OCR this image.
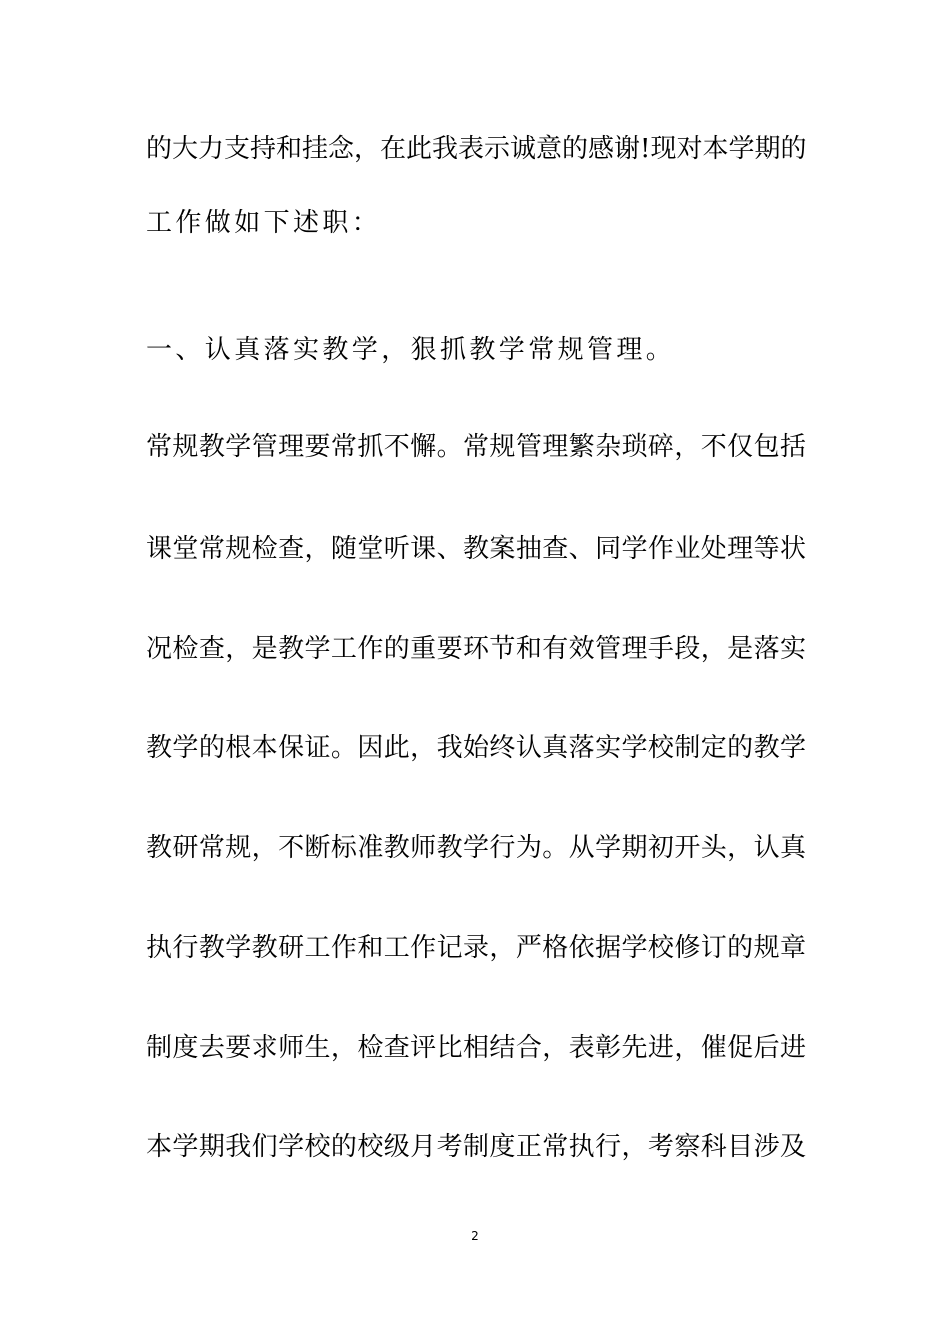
的大力支持和挂念，在此我表示诚意的感谢!现对本学期的
工作做如下述职：
一、认真落实教学，狠抓教学常规管理。
常规教学管理要常抓不懈。常规管理繁杂琐碎，不仅包括
课堂常规检查，随堂听课、教案抽查、同学作业处理等状
况检查，是教学工作的重要环节和有效管理手段，是落实
教学的根本保证。因此，我始终认真落实学校制定的教学
教研常规，不断标准教师教学行为。从学期初开头，认真
执行教学教研工作和工作记录，严格依据学校修订的规章
制度去要求师生，检查评比相结合，表彰先进，催促后进
本学期我们学校的校级月考制度正常执行，考察科目涉及
2
